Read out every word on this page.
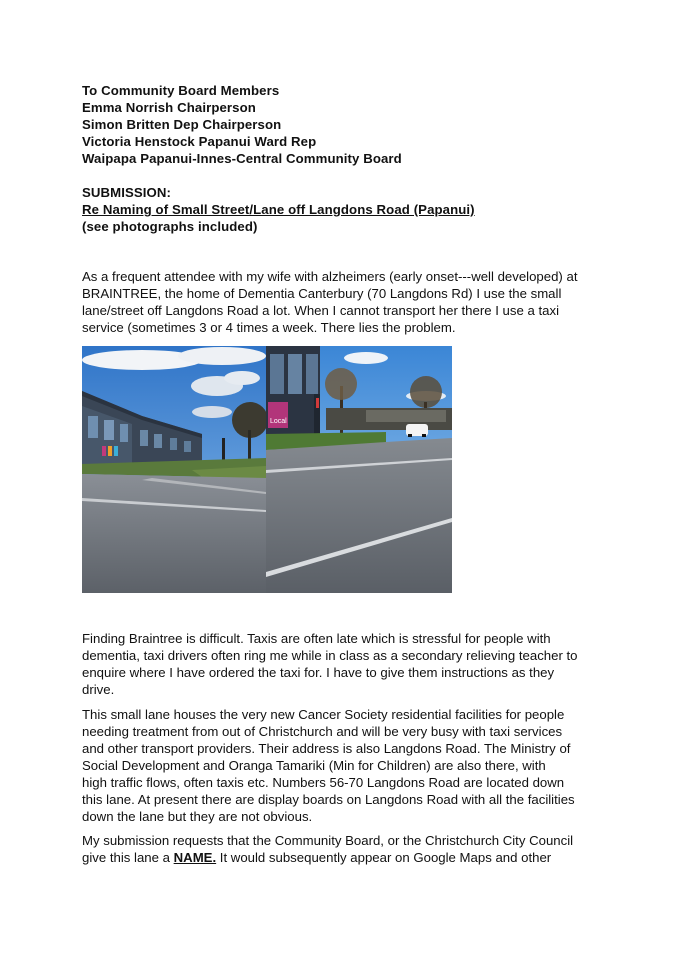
To Community Board Members
Emma Norrish Chairperson
Simon Britten Dep Chairperson
Victoria Henstock Papanui Ward Rep
Waipapa Papanui-Innes-Central Community Board
SUBMISSION:
Re Naming of Small Street/Lane off Langdons Road (Papanui)
(see photographs included)
As a frequent attendee with my wife with alzheimers (early onset---well developed) at
BRAINTREE, the home of Dementia Canterbury (70 Langdons Rd) I use the small
lane/street off Langdons Road a lot. When I cannot transport her there I use a taxi
service (sometimes 3 or 4 times a week. There lies the problem.
Local
Finding Braintree is difficult. Taxis are often late which is stressful for people with
dementia, taxi drivers often ring me while in class as a secondary relieving teacher to
enquire where I have ordered the taxi for. I have to give them instructions as they
drive.
This small lane houses the very new Cancer Society residential facilities for people
needing treatment from out of Christchurch and will be very busy with taxi services
and other transport providers. Their address is also Langdons Road. The Ministry of
Social Development and Oranga Tamariki (Min for Children) are also there, with
high traffic flows, often taxis etc. Numbers 56-70 Langdons Road are located down
this lane. At present there are display boards on Langdons Road with all the facilities
down the lane but they are not obvious.
My submission requests that the Community Board, or the Christchurch City Council
give this lane a NAME. It would subsequently appear on Google Maps and other
